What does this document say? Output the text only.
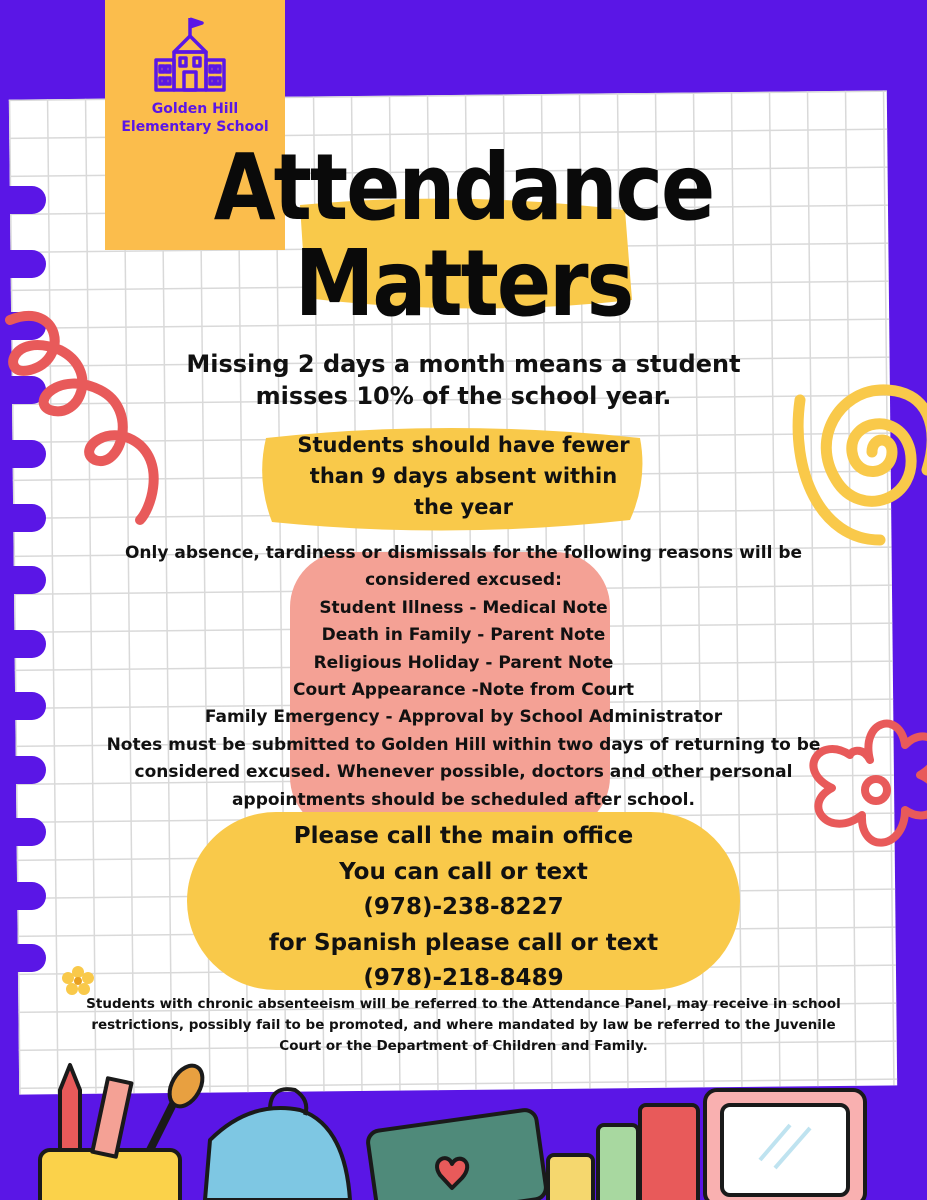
Golden Hill
Elementary School
Attendance
Matters
Missing 2 days a month means a student
misses 10% of the school year.
Students should have fewer
than 9 days absent within
the year
Only absence, tardiness or dismissals for the following reasons will be
considered excused:
Student Illness - Medical Note
Death in Family - Parent Note
Religious Holiday - Parent Note
Court Appearance -Note from Court
Family Emergency - Approval by School Administrator
Notes must be submitted to Golden Hill within two days of returning to be
considered excused. Whenever possible, doctors and other personal
appointments should be scheduled after school.
Please call the main office
You can call or text
(978)-238-8227
for Spanish please call or text
(978)-218-8489
Students with chronic absenteeism will be referred to the Attendance Panel, may receive in school
restrictions, possibly fail to be promoted, and where mandated by law be referred to the Juvenile
Court or the Department of Children and Family.
